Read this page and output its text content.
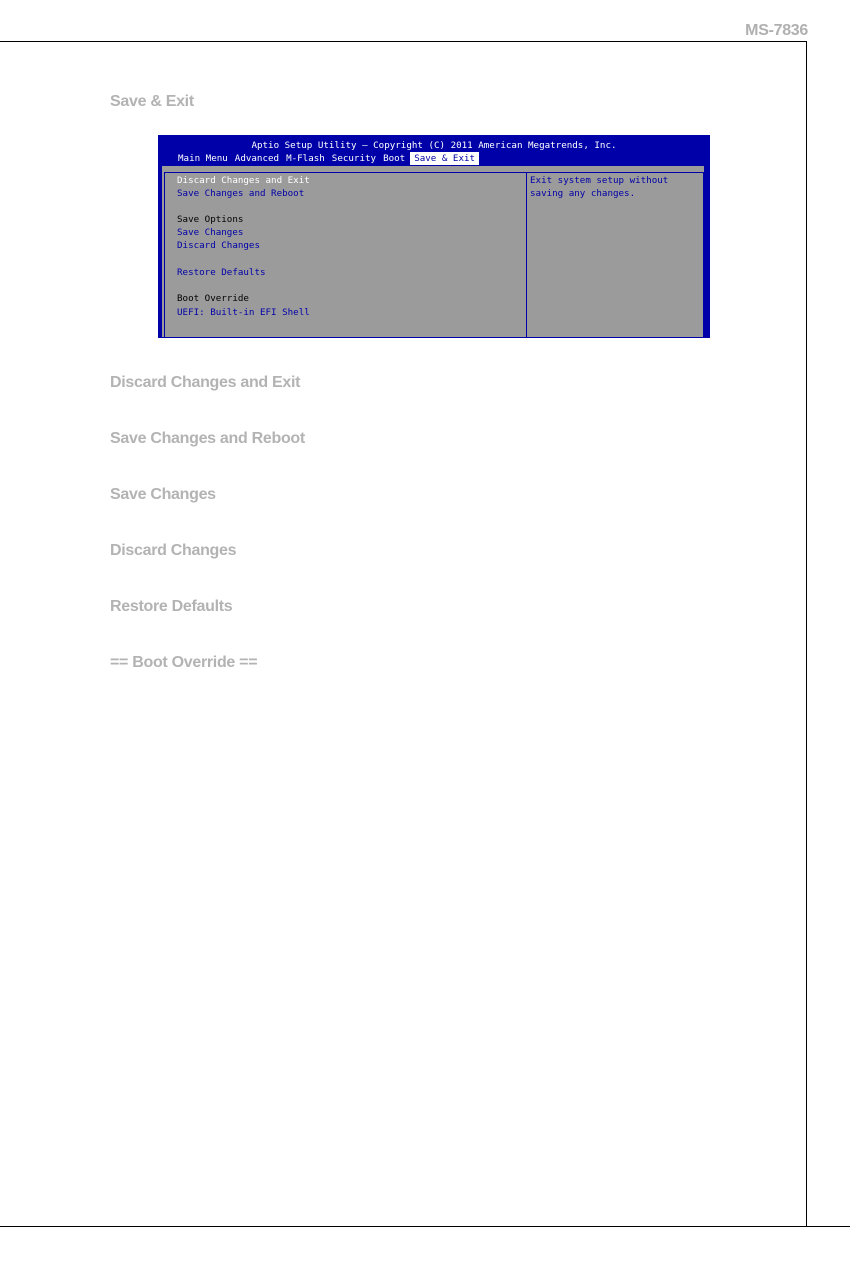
MS-7836
Save & Exit
Aptio Setup Utility – Copyright (C) 2011 American Megatrends, Inc.
Main Menu Advanced M-Flash Security Boot Save & Exit
Discard Changes and Exit
Save Changes and Reboot
Save Options
Save Changes
Discard Changes
Restore Defaults
Boot Override
UEFI: Built-in EFI Shell
Exit system setup without
saving any changes.
Discard Changes and Exit
Save Changes and Reboot
Save Changes
Discard Changes
Restore Defaults
== Boot Override ==
